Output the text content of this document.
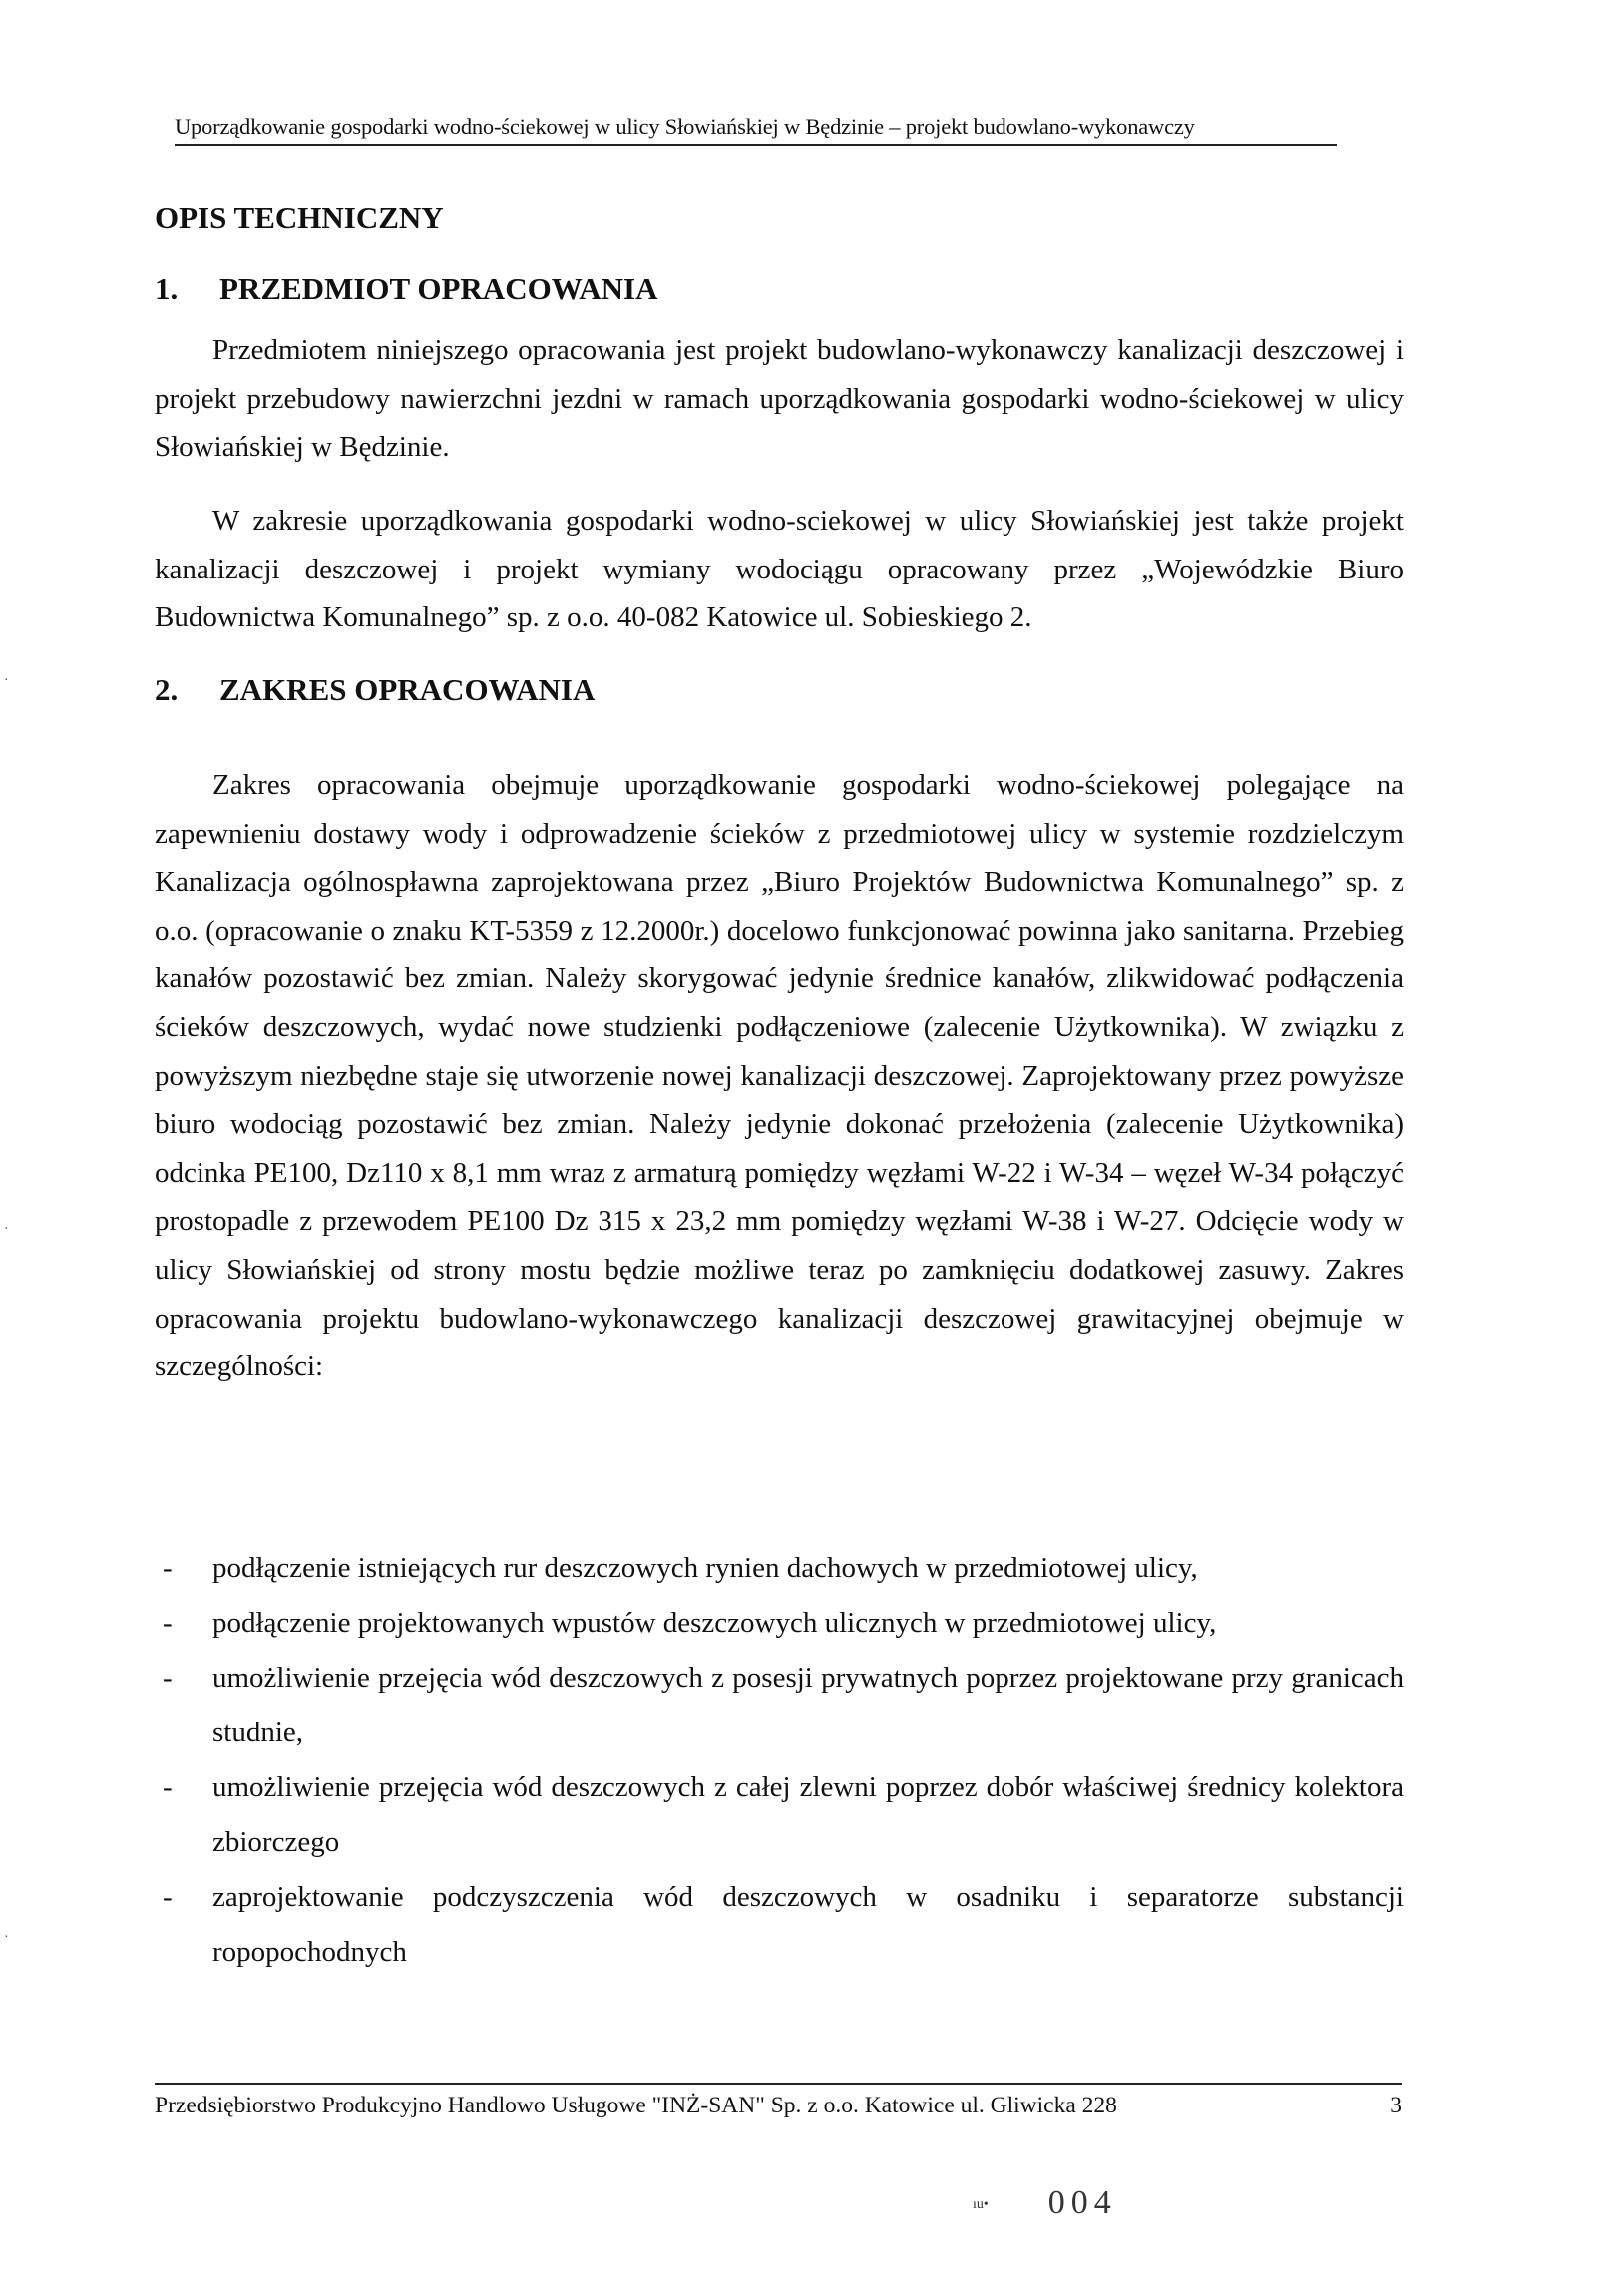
Uporządkowanie gospodarki wodno-ściekowej w ulicy Słowiańskiej w Będzinie – projekt budowlano-wykonawczy
OPIS TECHNICZNY
1. PRZEDMIOT OPRACOWANIA

Przedmiotem niniejszego opracowania jest projekt budowlano-wykonawczy kanalizacji deszczowej i projekt przebudowy nawierzchni jezdni w ramach uporządkowania gospodarki wodno-ściekowej w ulicy Słowiańskiej w Będzinie.

W zakresie uporządkowania gospodarki wodno-sciekowej w ulicy Słowiańskiej jest także projekt kanalizacji deszczowej i projekt wymiany wodociągu opracowany przez „Wojewódzkie Biuro Budownictwa Komunalnego” sp. z o.o. 40-082 Katowice ul. Sobieskiego 2.

2. ZAKRES OPRACOWANIA

Zakres opracowania obejmuje uporządkowanie gospodarki wodno-ściekowej polegające na zapewnieniu dostawy wody i odprowadzenie ścieków z przedmiotowej ulicy w systemie rozdzielczym Kanalizacja ogólnospławna zaprojektowana przez „Biuro Projektów Budownictwa Komunalnego” sp. z o.o. (opracowanie o znaku KT-5359 z 12.2000r.) docelowo funkcjonować powinna jako sanitarna. Przebieg kanałów pozostawić bez zmian. Należy skorygować jedynie średnice kanałów, zlikwidować podłączenia ścieków deszczowych, wydać nowe studzienki podłączeniowe (zalecenie Użytkownika). W związku z powyższym niezbędne staje się utworzenie nowej kanalizacji deszczowej. Zaprojektowany przez powyższe biuro wodociąg pozostawić bez zmian. Należy jedynie dokonać przełożenia (zalecenie Użytkownika) odcinka PE100, Dz110 x 8,1 mm wraz z armaturą pomiędzy węzłami W-22 i W-34 – węzeł W-34 połączyć prostopadle z przewodem PE100 Dz 315 x 23,2 mm pomiędzy węzłami W-38 i W-27. Odcięcie wody w ulicy Słowiańskiej od strony mostu będzie możliwe teraz po zamknięciu dodatkowej zasuwy. Zakres opracowania projektu budowlano-wykonawczego kanalizacji deszczowej grawitacyjnej obejmuje w szczególności:

- podłączenie istniejących rur deszczowych rynien dachowych w przedmiotowej ulicy,
- podłączenie projektowanych wpustów deszczowych ulicznych w przedmiotowej ulicy,
- umożliwienie przejęcia wód deszczowych z posesji prywatnych poprzez projektowane przy granicach studnie,
- umożliwienie przejęcia wód deszczowych z całej zlewni poprzez dobór właściwej średnicy kolektora zbiorczego
- zaprojektowanie podczyszczenia wód deszczowych w osadniku i separatorze substancji ropopochodnych
Przedsiębiorstwo Produkcyjno Handlowo Usługowe "INŻ-SAN" Sp. z o.o. Katowice ul. Gliwicka 228	3
ıu• 004
·
·
·
